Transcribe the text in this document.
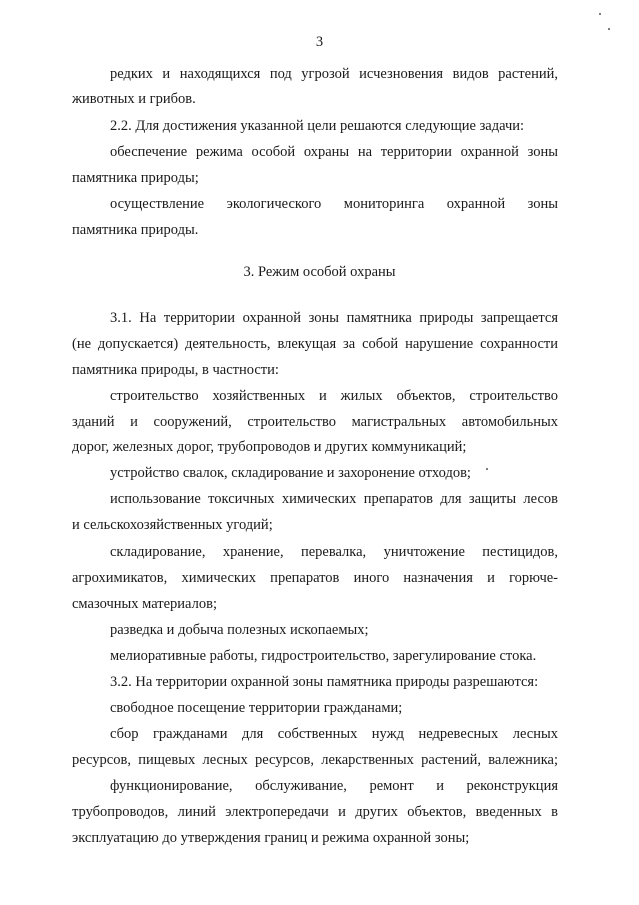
3
редких и находящихся под угрозой исчезновения видов растений,
животных и грибов.
2.2. Для достижения указанной цели решаются следующие задачи:
обеспечение режима особой охраны на территории охранной зоны
памятника природы;
осуществление экологического мониторинга охранной зоны
памятника природы.
3. Режим особой охраны
3.1. На территории охранной зоны памятника природы запрещается
(не допускается) деятельность, влекущая за собой нарушение сохранности
памятника природы, в частности:
строительство хозяйственных и жилых объектов, строительство
зданий и сооружений, строительство магистральных автомобильных
дорог, железных дорог, трубопроводов и других коммуникаций;
устройство свалок, складирование и захоронение отходов;
использование токсичных химических препаратов для защиты лесов
и сельскохозяйственных угодий;
складирование, хранение, перевалка, уничтожение пестицидов,
агрохимикатов, химических препаратов иного назначения и горюче-
смазочных материалов;
разведка и добыча полезных ископаемых;
мелиоративные работы, гидростроительство, зарегулирование стока.
3.2. На территории охранной зоны памятника природы разрешаются:
свободное посещение территории гражданами;
сбор гражданами для собственных нужд недревесных лесных
ресурсов, пищевых лесных ресурсов, лекарственных растений, валежника;
функционирование, обслуживание, ремонт и реконструкция
трубопроводов, линий электропередачи и других объектов, введенных в
эксплуатацию до утверждения границ и режима охранной зоны;
